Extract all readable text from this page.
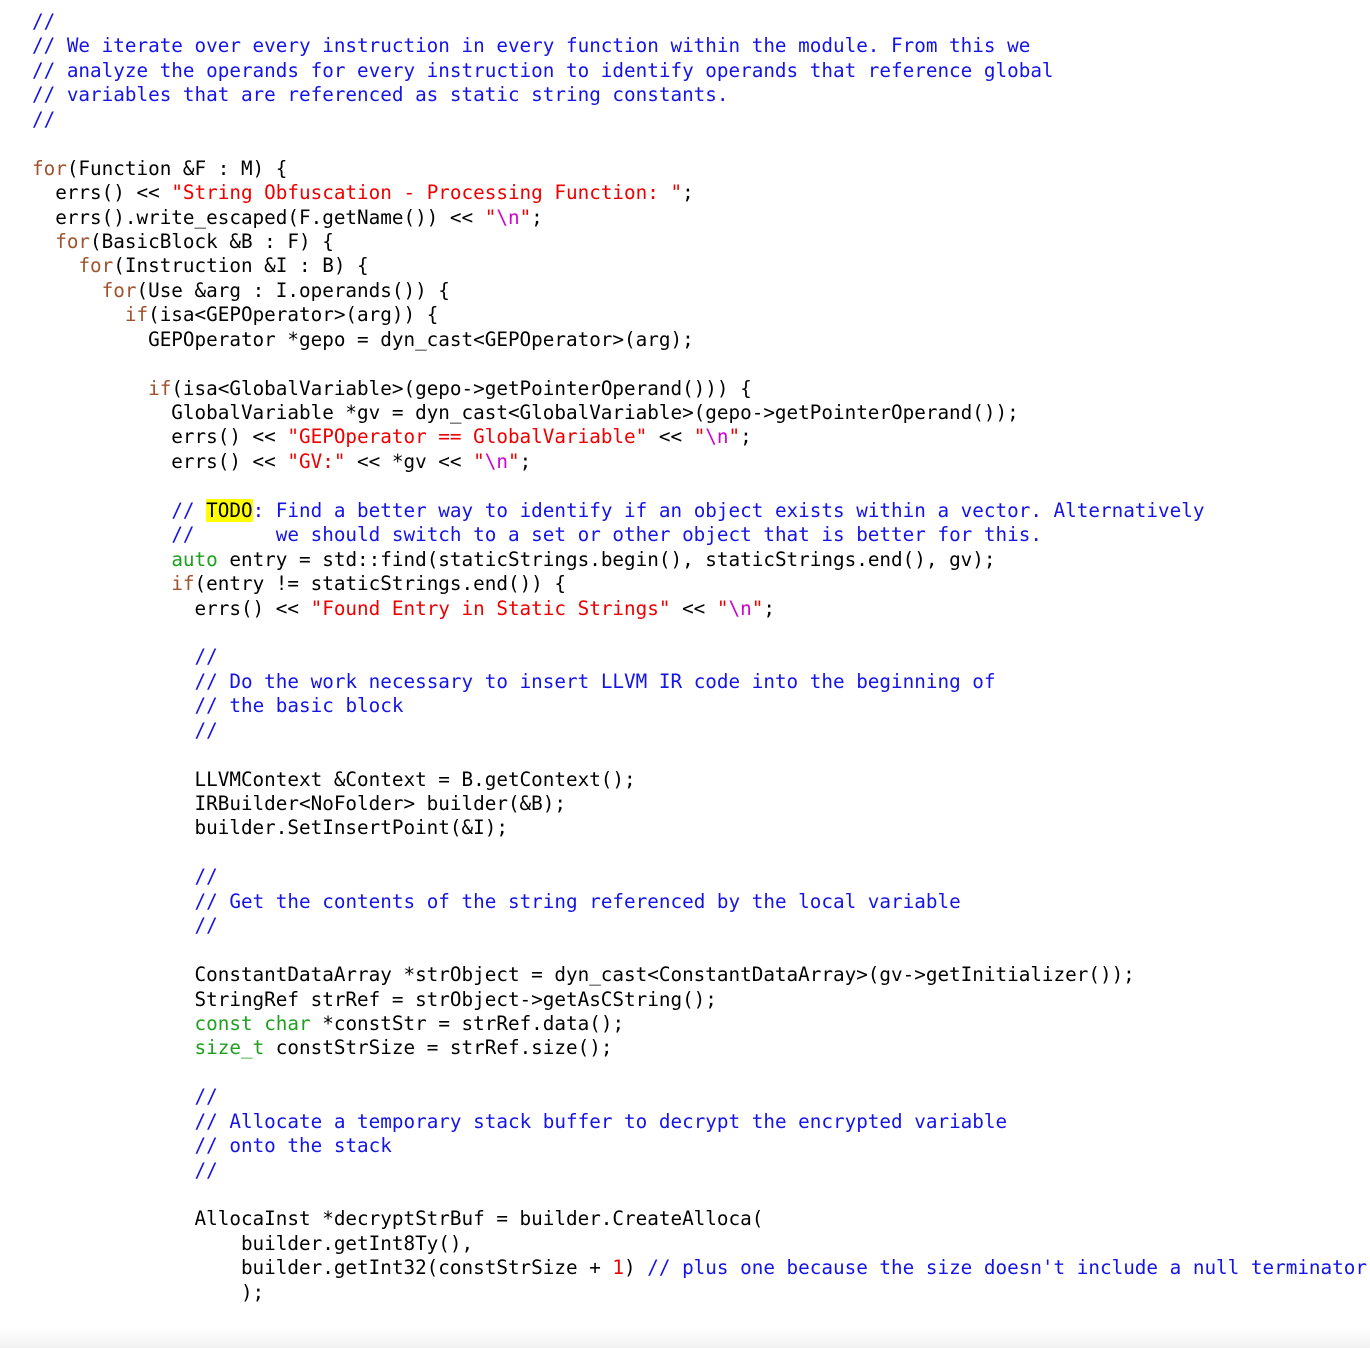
//
// We iterate over every instruction in every function within the module. From this we
// analyze the operands for every instruction to identify operands that reference global
// variables that are referenced as static string constants.
//
for(Function &F : M) {
errs() << "String Obfuscation - Processing Function: ";
errs().write_escaped(F.getName()) << "\n";
for(BasicBlock &B : F) {
for(Instruction &I : B) {
for(Use &arg : I.operands()) {
if(isa<GEPOperator>(arg)) {
GEPOperator *gepo = dyn_cast<GEPOperator>(arg);
if(isa<GlobalVariable>(gepo->getPointerOperand())) {
GlobalVariable *gv = dyn_cast<GlobalVariable>(gepo->getPointerOperand());
errs() << "GEPOperator == GlobalVariable" << "\n";
errs() << "GV:" << *gv << "\n";
// TODO: Find a better way to identify if an object exists within a vector. Alternatively
//       we should switch to a set or other object that is better for this.
auto entry = std::find(staticStrings.begin(), staticStrings.end(), gv);
if(entry != staticStrings.end()) {
errs() << "Found Entry in Static Strings" << "\n";
//
// Do the work necessary to insert LLVM IR code into the beginning of
// the basic block
//
LLVMContext &Context = B.getContext();
IRBuilder<NoFolder> builder(&B);
builder.SetInsertPoint(&I);
//
// Get the contents of the string referenced by the local variable
//
ConstantDataArray *strObject = dyn_cast<ConstantDataArray>(gv->getInitializer());
StringRef strRef = strObject->getAsCString();
const char *constStr = strRef.data();
size_t constStrSize = strRef.size();
//
// Allocate a temporary stack buffer to decrypt the encrypted variable
// onto the stack
//
AllocaInst *decryptStrBuf = builder.CreateAlloca(
builder.getInt8Ty(),
builder.getInt32(constStrSize + 1) // plus one because the size doesn't include a null terminator
);
